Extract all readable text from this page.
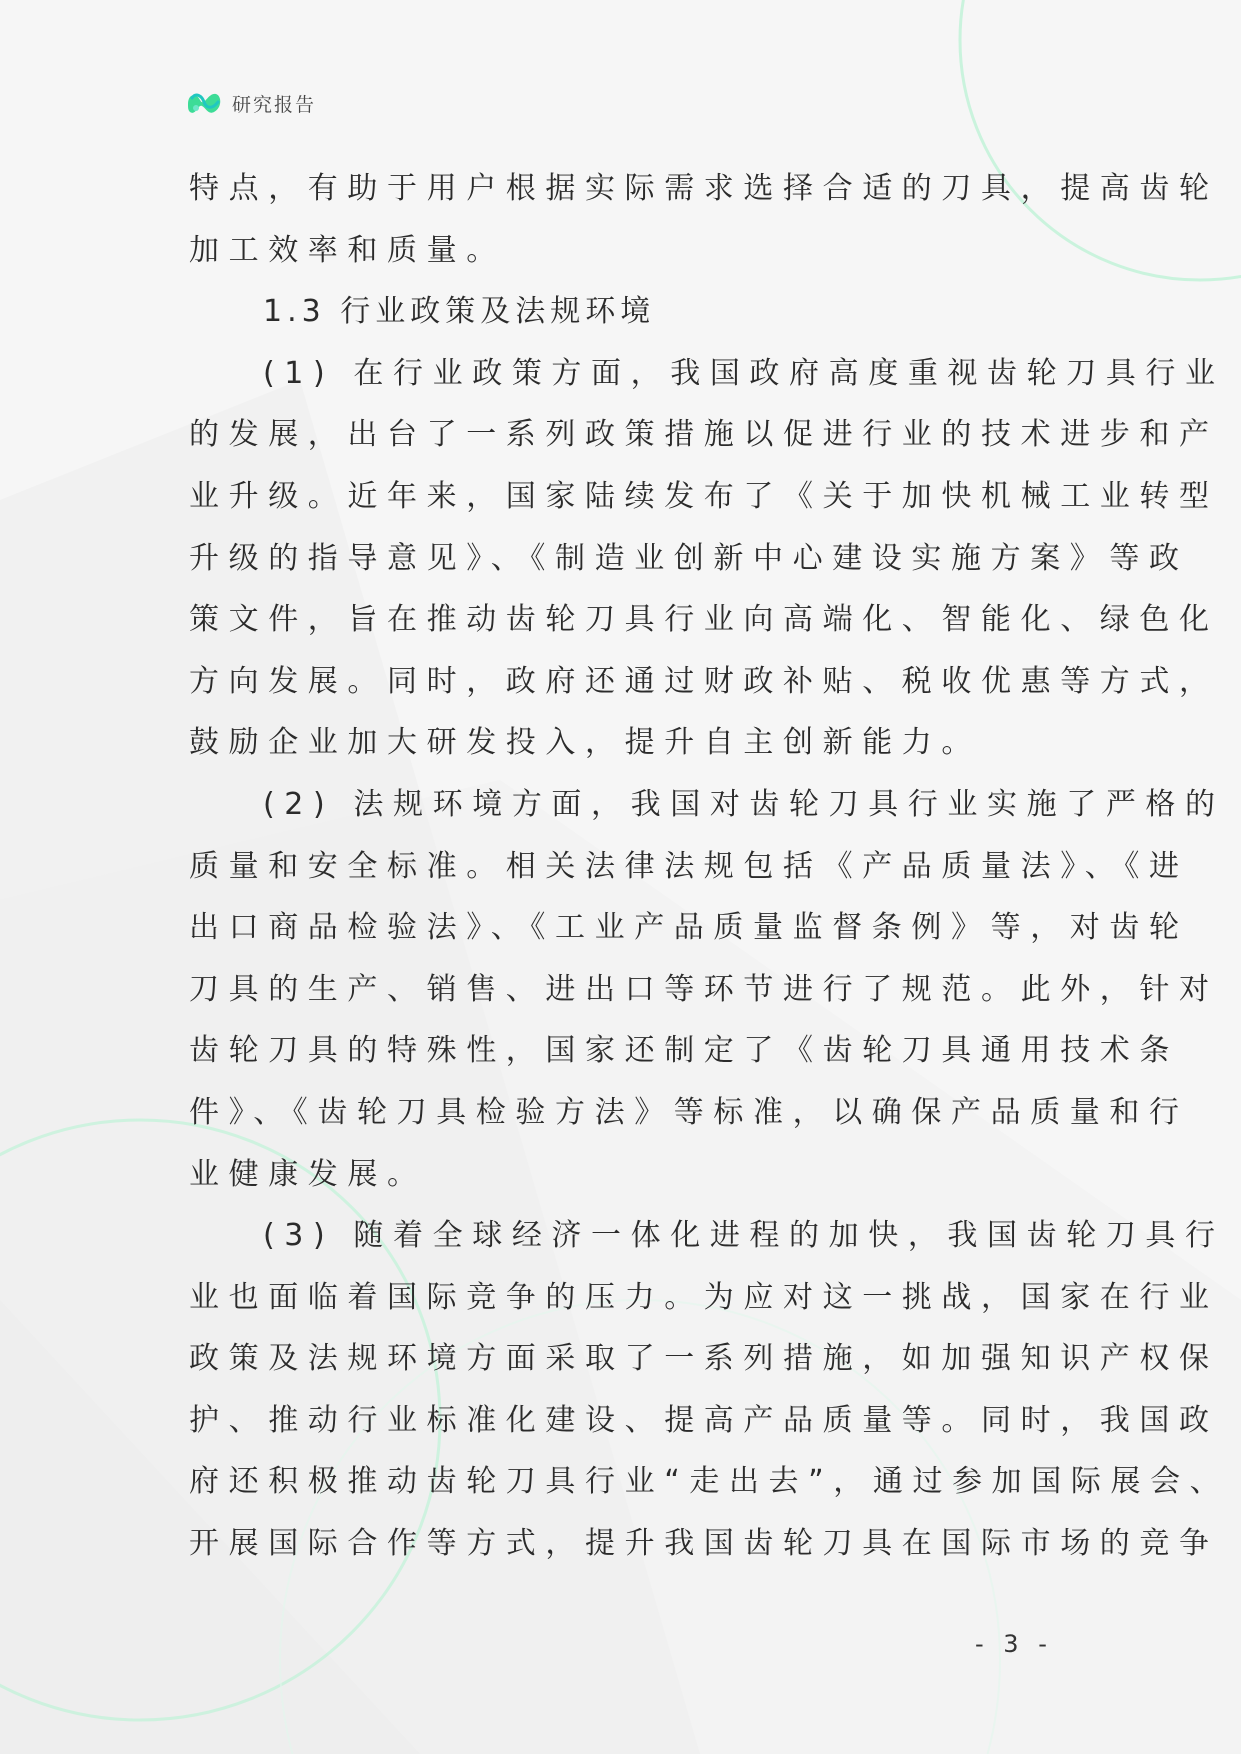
研究报告
特点，有助于用户根据实际需求选择合适的刀具，提高齿轮
加工效率和质量。
1.3 行业政策及法规环境
(1) 在行业政策方面，我国政府高度重视齿轮刀具行业
的发展，出台了一系列政策措施以促进行业的技术进步和产
业升级。近年来，国家陆续发布了《关于加快机械工业转型
升级的指导意见》、《制造业创新中心建设实施方案》等政
策文件，旨在推动齿轮刀具行业向高端化、智能化、绿色化
方向发展。同时，政府还通过财政补贴、税收优惠等方式，
鼓励企业加大研发投入，提升自主创新能力。
(2) 法规环境方面，我国对齿轮刀具行业实施了严格的
质量和安全标准。相关法律法规包括《产品质量法》、《进
出口商品检验法》、《工业产品质量监督条例》等，对齿轮
刀具的生产、销售、进出口等环节进行了规范。此外，针对
齿轮刀具的特殊性，国家还制定了《齿轮刀具通用技术条
件》、《齿轮刀具检验方法》等标准，以确保产品质量和行
业健康发展。
(3) 随着全球经济一体化进程的加快，我国齿轮刀具行
业也面临着国际竞争的压力。为应对这一挑战，国家在行业
政策及法规环境方面采取了一系列措施，如加强知识产权保
护、推动行业标准化建设、提高产品质量等。同时，我国政
府还积极推动齿轮刀具行业“走出去”，通过参加国际展会、
开展国际合作等方式，提升我国齿轮刀具在国际市场的竞争
- 3 -
